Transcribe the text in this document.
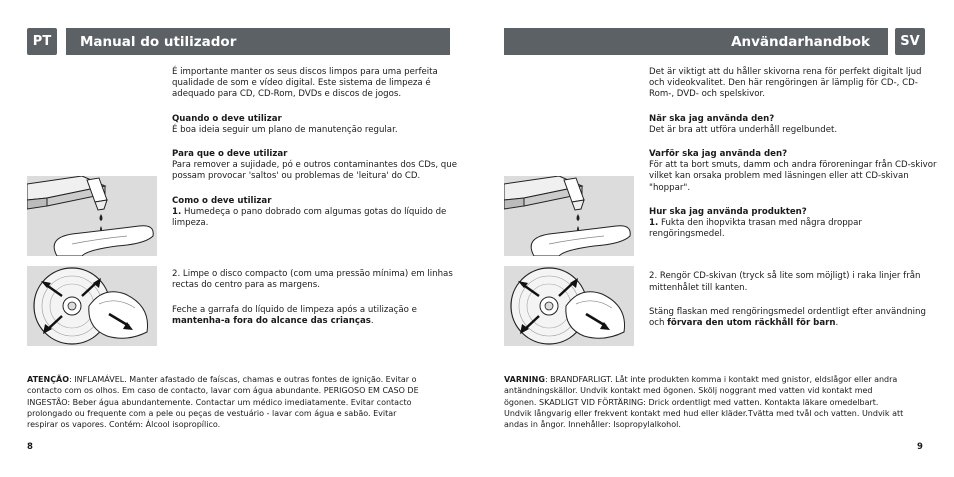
PT	Manual do utilizador

É importante manter os seus discos limpos para uma perfeita qualidade de som e vídeo digital. Este sistema de limpeza é adequado para CD, CD-Rom, DVDs e discos de jogos.

Quando o deve utilizar
É boa ideia seguir um plano de manutenção regular.

Para que o deve utilizar
Para remover a sujidade, pó e outros contaminantes dos CDs, que possam provocar 'saltos' ou problemas de 'leitura' do CD.

Como o deve utilizar
1. Humedeça o pano dobrado com algumas gotas do líquido de limpeza.

2. Limpe o disco compacto (com uma pressão mínima) em linhas rectas do centro para as margens.

Feche a garrafa do líquido de limpeza após a utilização e mantenha-a fora do alcance das crianças.

ATENÇÃO: INFLAMÁVEL. Manter afastado de faíscas, chamas e outras fontes de ignição. Evitar o contacto com os olhos. Em caso de contacto, lavar com água abundante. PERIGOSO EM CASO DE INGESTÃO: Beber água abundantemente. Contactar um médico imediatamente. Evitar contacto prolongado ou frequente com a pele ou peças de vestuário - lavar com água e sabão. Evitar respirar os vapores. Contém: Álcool isopropílico.
8
Användarhandbok	SV

Det är viktigt att du håller skivorna rena för perfekt digitalt ljud och videokvalitet. Den här rengöringen är lämplig för CD-, CD-Rom-, DVD- och spelskivor.

När ska jag använda den?
Det är bra att utföra underhåll regelbundet.

Varför ska jag använda den?
För att ta bort smuts, damm och andra föroreningar från CD-skivor vilket kan orsaka problem med läsningen eller att CD-skivan "hoppar".

Hur ska jag använda produkten?
1. Fukta den ihopvikta trasan med några droppar rengöringsmedel.

2. Rengör CD-skivan (tryck så lite som möjligt) i raka linjer från mittenhålet till kanten.

Stäng flaskan med rengöringsmedel ordentligt efter användning och förvara den utom räckhåll för barn.

VARNING: BRANDFARLIGT. Låt inte produkten komma i kontakt med gnistor, eldslågor eller andra antändningskällor. Undvik kontakt med ögonen. Skölj noggrant med vatten vid kontakt med ögonen. SKADLIGT VID FÖRTÄRING: Drick ordentligt med vatten. Kontakta läkare omedelbart. Undvik långvarig eller frekvent kontakt med hud eller kläder.Tvätta med tvål och vatten. Undvik att andas in ångor. Innehåller: Isopropylalkohol.
9
